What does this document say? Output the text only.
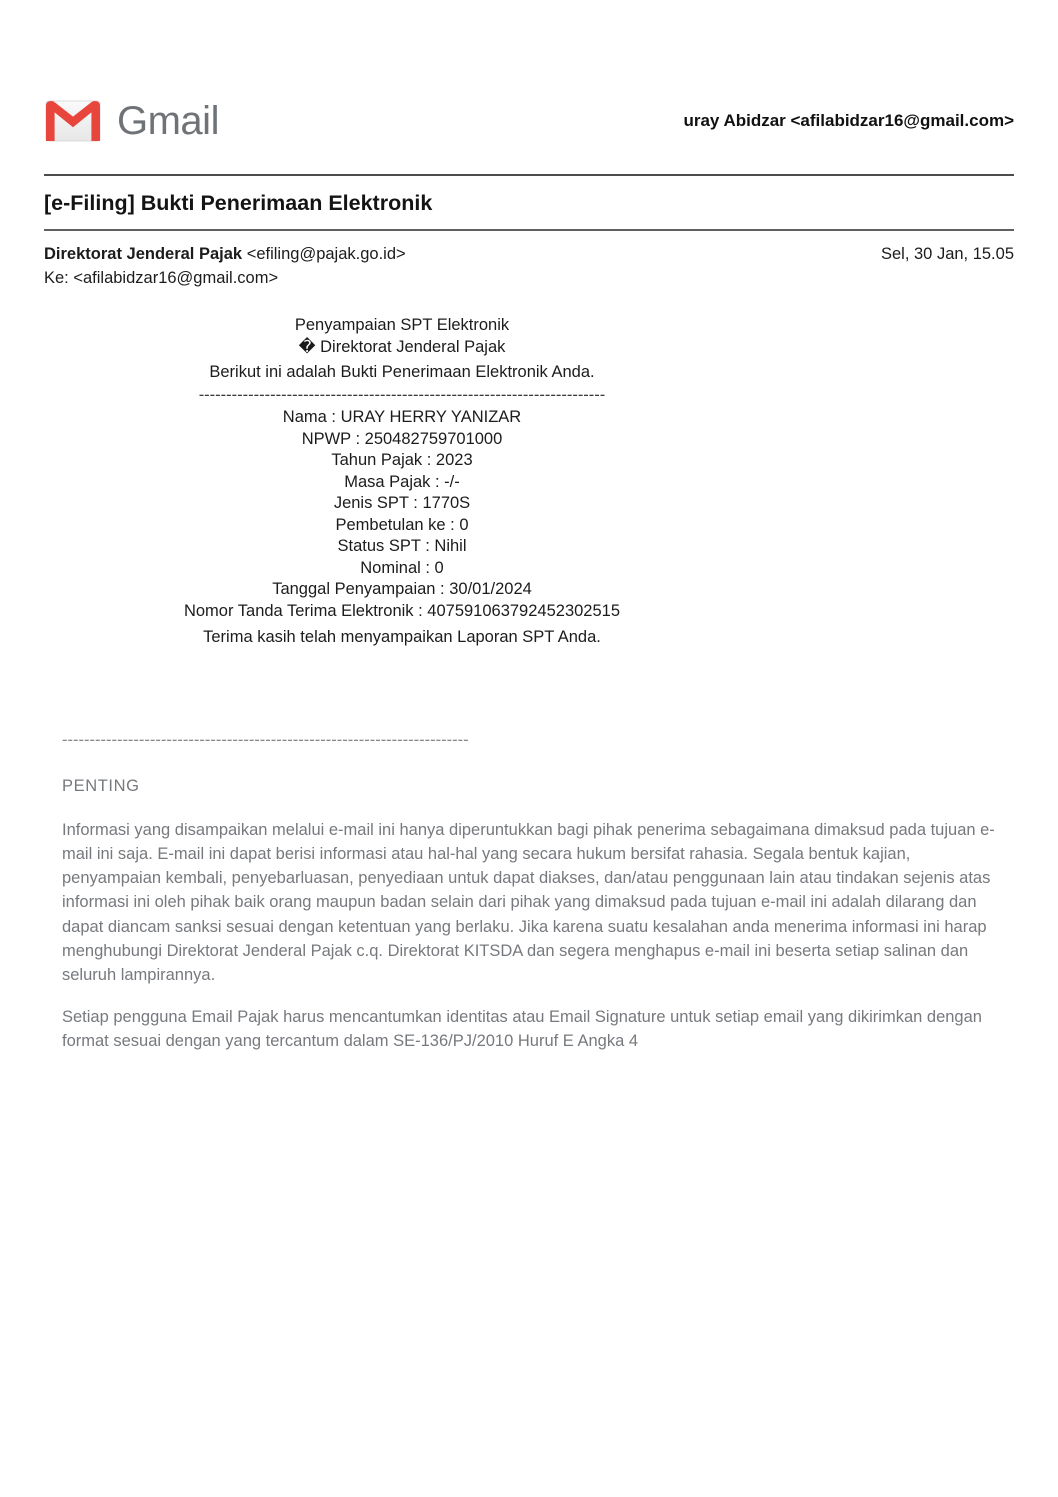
Gmail	uray Abidzar <afilabidzar16@gmail.com>
[e-Filing] Bukti Penerimaan Elektronik
Direktorat Jenderal Pajak <efiling@pajak.go.id>	Sel, 30 Jan, 15.05
Ke: <afilabidzar16@gmail.com>

Penyampaian SPT Elektronik

� Direktorat Jenderal Pajak

Berikut ini adalah Bukti Penerimaan Elektronik Anda.

--------------------------------------------------------------------------

Nama : URAY HERRY YANIZAR

NPWP : 250482759701000

Tahun Pajak : 2023

Masa Pajak : -/-

Jenis SPT : 1770S

Pembetulan ke : 0

Status SPT : Nihil

Nominal : 0

Tanggal Penyampaian : 30/01/2024

Nomor Tanda Terima Elektronik : 407591063792452302515

Terima kasih telah menyampaikan Laporan SPT Anda.

--------------------------------------------------------------------------
PENTING

Informasi yang disampaikan melalui e-mail ini hanya diperuntukkan bagi pihak penerima sebagaimana dimaksud pada tujuan e-mail ini saja. E-mail ini dapat berisi informasi atau hal-hal yang secara hukum bersifat rahasia. Segala bentuk kajian, penyampaian kembali, penyebarluasan, penyediaan untuk dapat diakses, dan/atau penggunaan lain atau tindakan sejenis atas informasi ini oleh pihak baik orang maupun badan selain dari pihak yang dimaksud pada tujuan e-mail ini adalah dilarang dan dapat diancam sanksi sesuai dengan ketentuan yang berlaku. Jika karena suatu kesalahan anda menerima informasi ini harap menghubungi Direktorat Jenderal Pajak c.q. Direktorat KITSDA dan segera menghapus e-mail ini beserta setiap salinan dan seluruh lampirannya.

Setiap pengguna Email Pajak harus mencantumkan identitas atau Email Signature untuk setiap email yang dikirimkan dengan format sesuai dengan yang tercantum dalam SE-136/PJ/2010 Huruf E Angka 4
